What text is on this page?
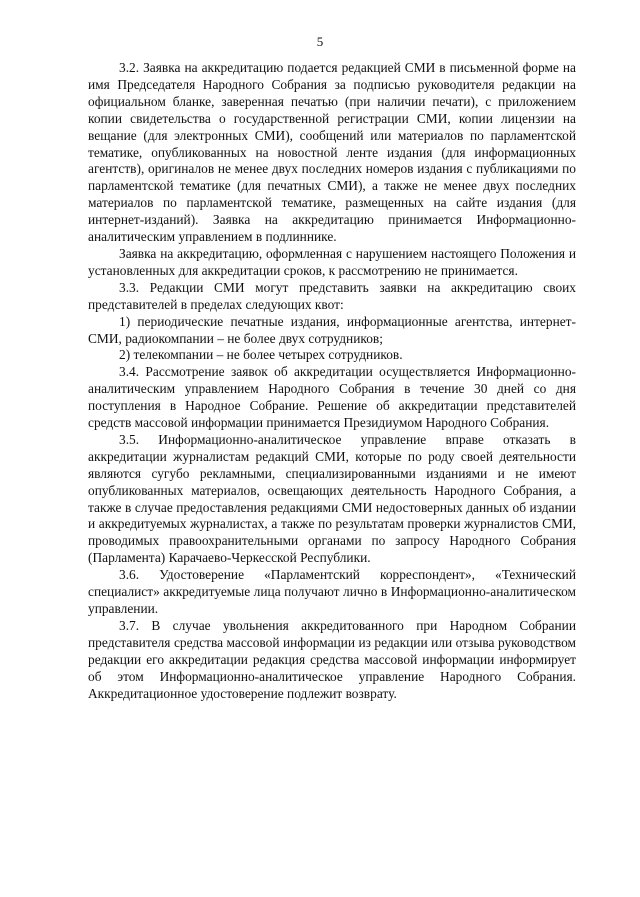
5

3.2. Заявка на аккредитацию подается редакцией СМИ в письменной форме на имя Председателя Народного Собрания за подписью руководителя редакции на официальном бланке, заверенная печатью (при наличии печати), с приложением копии свидетельства о государственной регистрации СМИ, копии лицензии на вещание (для электронных СМИ), сообщений или материалов по парламентской тематике, опубликованных на новостной ленте издания (для информационных агентств), оригиналов не менее двух последних номеров издания с публикациями по парламентской тематике (для печатных СМИ), а также не менее двух последних материалов по парламентской тематике, размещенных на сайте издания (для интернет-изданий). Заявка на аккредитацию принимается Информационно-аналитическим управлением в подлиннике.

Заявка на аккредитацию, оформленная с нарушением настоящего Положения и установленных для аккредитации сроков, к рассмотрению не принимается.

3.3. Редакции СМИ могут представить заявки на аккредитацию своих представителей в пределах следующих квот:

1) периодические печатные издания, информационные агентства, интернет-СМИ, радиокомпании – не более двух сотрудников;

2) телекомпании – не более четырех сотрудников.

3.4. Рассмотрение заявок об аккредитации осуществляется Информационно-аналитическим управлением Народного Собрания в течение 30 дней со дня поступления в Народное Собрание. Решение об аккредитации представителей средств массовой информации принимается Президиумом Народного Собрания.

3.5. Информационно-аналитическое управление вправе отказать в аккредитации журналистам редакций СМИ, которые по роду своей деятельности являются сугубо рекламными, специализированными изданиями и не имеют опубликованных материалов, освещающих деятельность Народного Собрания, а также в случае предоставления редакциями СМИ недостоверных данных об издании и аккредитуемых журналистах, а также по результатам проверки журналистов СМИ, проводимых правоохранительными органами по запросу Народного Собрания (Парламента) Карачаево-Черкесской Республики.

3.6. Удостоверение «Парламентский корреспондент», «Технический специалист» аккредитуемые лица получают лично в Информационно-аналитическом управлении.

3.7. В случае увольнения аккредитованного при Народном Собрании представителя средства массовой информации из редакции или отзыва руководством редакции его аккредитации редакция средства массовой информации информирует об этом Информационно-аналитическое управление Народного Собрания. Аккредитационное удостоверение подлежит возврату.
